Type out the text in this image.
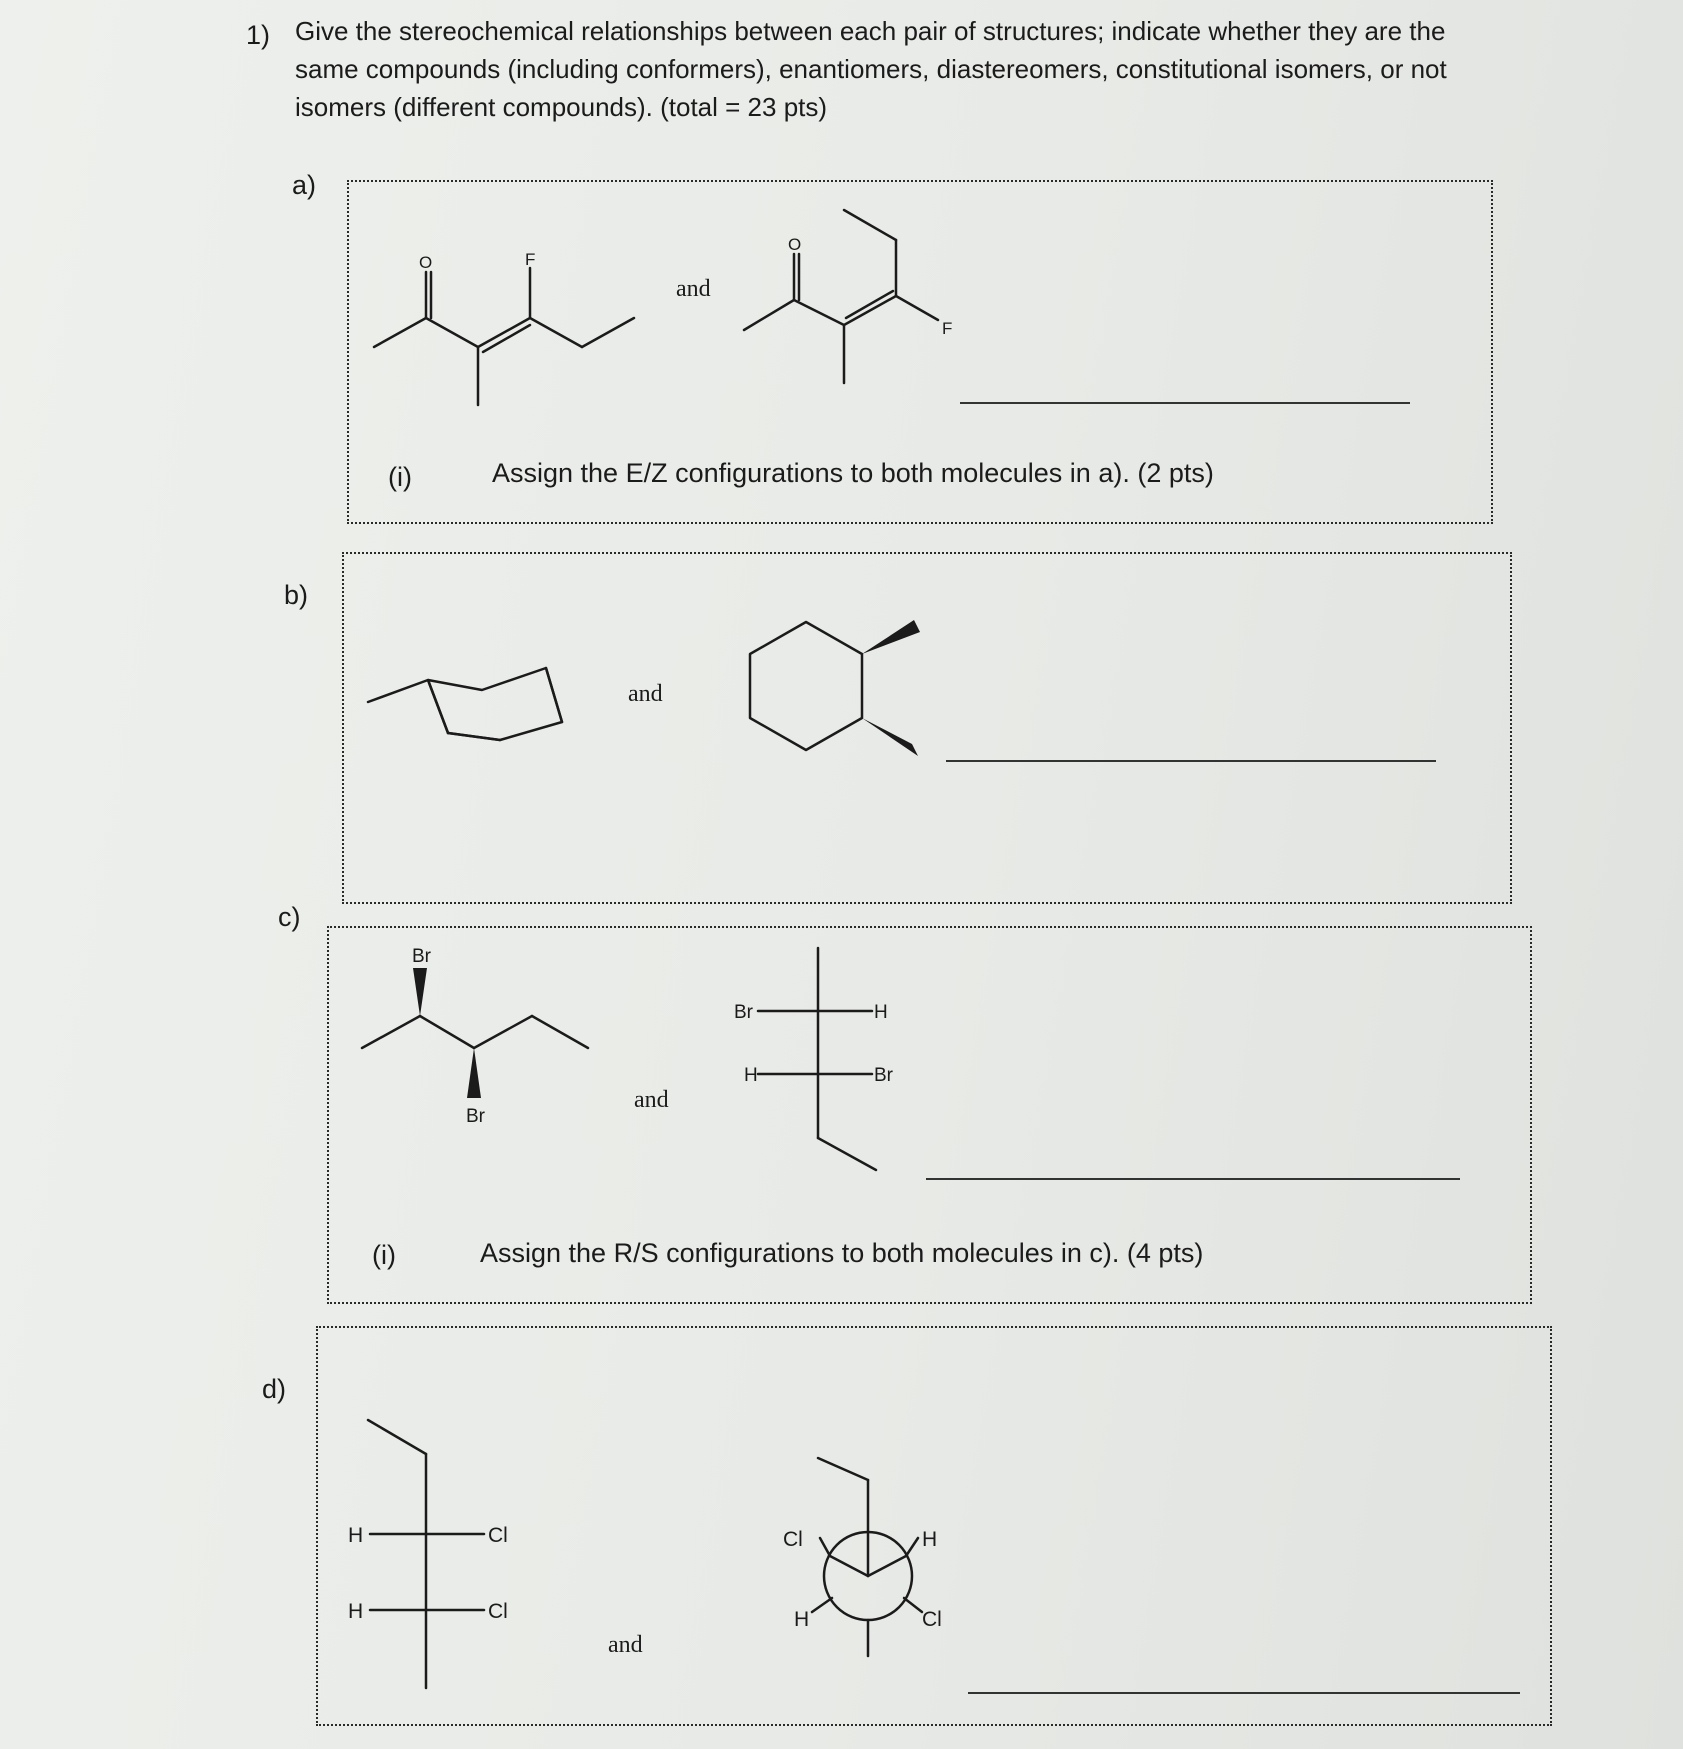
1) Give the stereochemical relationships between each pair of structures; indicate whether they are the same compounds (including conformers), enantiomers, diastereomers, constitutional isomers, or not isomers (different compounds). (total = 23 pts)
a)
b)
c)
d)
and
and
and
and
(i)	Assign the E/Z configurations to both molecules in a). (2 pts)
(i)	Assign the R/S configurations to both molecules in c). (4 pts)
O	F
O
F
Br
Br
Br	H
H	Br
H	Cl
H	Cl
Cl	H
H	Cl
